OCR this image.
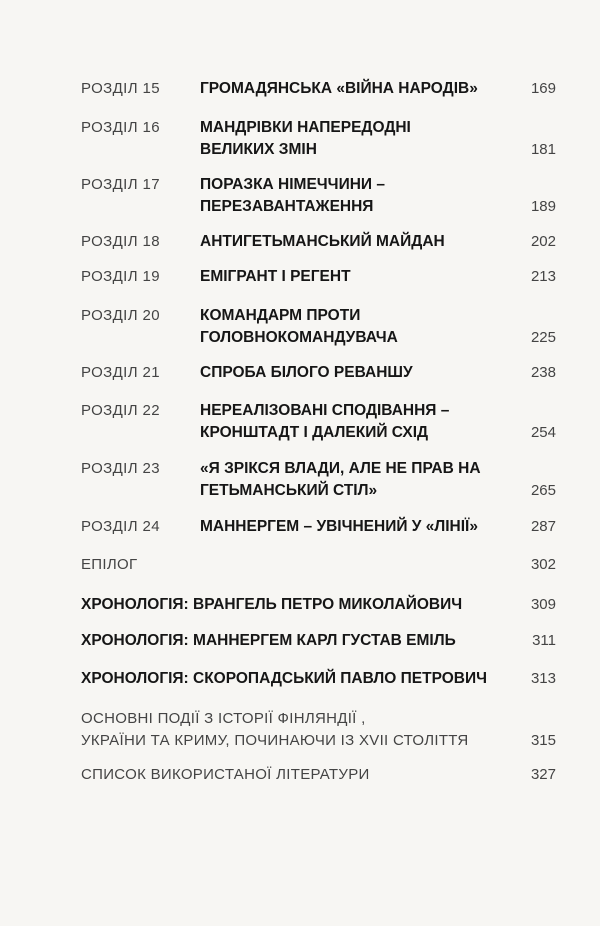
РОЗДІЛ 15	ГРОМАДЯНСЬКА «ВІЙНА НАРОДІВ»	169
РОЗДІЛ 16	МАНДРІВКИ НАПЕРЕДОДНІ
ВЕЛИКИХ ЗМІН	181
РОЗДІЛ 17	ПОРАЗКА НІМЕЧЧИНИ –
ПЕРЕЗАВАНТАЖЕННЯ	189
РОЗДІЛ 18	АНТИГЕТЬМАНСЬКИЙ МАЙДАН	202
РОЗДІЛ 19	ЕМІГРАНТ І РЕГЕНТ	213
РОЗДІЛ 20	КОМАНДАРМ ПРОТИ
ГОЛОВНОКОМАНДУВАЧА	225
РОЗДІЛ 21	СПРОБА БІЛОГО РЕВАНШУ	238
РОЗДІЛ 22	НЕРЕАЛІЗОВАНІ СПОДІВАННЯ –
КРОНШТАДТ І ДАЛЕКИЙ СХІД	254
РОЗДІЛ 23	«Я ЗРІКСЯ ВЛАДИ, АЛЕ НЕ ПРАВ НА
ГЕТЬМАНСЬКИЙ СТІЛ»	265
РОЗДІЛ 24	МАННЕРГЕМ – УВІЧНЕНИЙ У «ЛІНІЇ»	287
ЕПІЛОГ	302
ХРОНОЛОГІЯ: ВРАНГЕЛЬ ПЕТРО МИКОЛАЙОВИЧ	309
ХРОНОЛОГІЯ: МАННЕРГЕМ КАРЛ ГУСТАВ ЕМІЛЬ	311
ХРОНОЛОГІЯ: СКОРОПАДСЬКИЙ ПАВЛО ПЕТРОВИЧ	313
ОСНОВНІ ПОДІЇ З ІСТОРІЇ ФІНЛЯНДІЇ ,
УКРАЇНИ ТА КРИМУ, ПОЧИНАЮЧИ ІЗ XVII СТОЛІТТЯ	315
СПИСОК ВИКОРИСТАНОЇ ЛІТЕРАТУРИ	327
